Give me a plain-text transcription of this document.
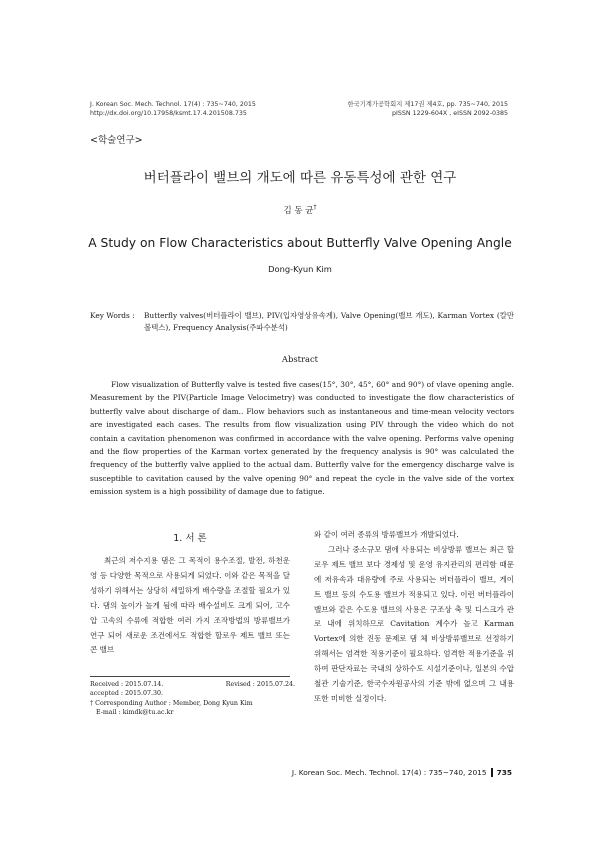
J. Korean Soc. Mech. Technol. 17(4) : 735~740, 2015
http://dx.doi.org/10.17958/ksmt.17.4.201508.735
한국기계가공학회지 제17권 제4호, pp. 735~740, 2015
pISSN 1229-604X , eISSN 2092-0385
<학술연구>
버터플라이 밸브의 개도에 따른 유동특성에 관한 연구
김 동 균†
A Study on Flow Characteristics about Butterfly Valve Opening Angle
Dong-Kyun Kim
Key Words :	Butterfly valves(버터플라이 밸브), PIV(입자영상유속계), Valve Opening(밸브 개도), Karman Vortex (칼만볼텍스), Frequency Analysis(주파수분석)
Abstract
Flow visualization of Butterfly valve is tested five cases(15°, 30°, 45°, 60° and 90°) of vlave opening angle. Measurement by the PIV(Particle Image Velocimetry) was conducted to investigate the flow characteristics of butterfly valve about discharge of dam.. Flow behaviors such as instantaneous and time-mean velocity vectors are investigated each cases. The results from flow visualization using PIV through the video which do not contain a cavitation phenomenon was confirmed in accordance with the valve opening. Performs valve opening and the flow properties of the Karman vortex generated by the frequency analysis is 90° was calculated the frequency of the butterfly valve applied to the actual dam. Butterfly valve for the emergency discharge valve is susceptible to cavitation caused by the valve opening 90° and repeat the cycle in the valve side of the vortex emission system is a high possibility of damage due to fatigue.
1. 서 론
최근의 저수지용 댐은 그 목적이 용수조절, 발전, 하천운영 등 다양한 목적으로 사용되게 되었다. 이와 같은 목적을 달성하기 위해서는 상당히 세밀하게 배수량을 조절할 필요가 있다. 댐의 높이가 높게 됨에 따라 배수설비도 크게 되어, 고수압 고속의 수류에 적합한 여러 가지 조작방법의 방류밸브가 연구 되어 새로운 조건에서도 적합한 할로우 제트 밸브 또는 콘 밸브

와 같이 여러 종류의 방류밸브가 개발되었다.

그러나 중소규모 댐에 사용되는 비상방류 밸브는 최근 할로우 제트 밸브 보다 경제성 및 운영 유지관리의 편리함 때문에 저유속과 대유량에 주로 사용되는 버터플라이 밸브, 게이트 밸브 등의 수도용 밸브가 적용되고 있다. 이런 버터플라이 밸브와 같은 수도용 밸브의 사용은 구조상 축 및 디스크가 관로 내에 위치하므로 Cavitation 계수가 높고 Karman Vortex에 의한 진동 문제로 댐 체 비상방류밸브로 선정하기 위해서는 엄격한 적용기준이 필요하다. 엄격한 적용기준을 위하여 판단자료는 국내의 상하수도 시설기준이나, 일본의 수압철관 기술기준, 한국수자원공사의 기준 밖에 없으며 그 내용 또한 미비한 실정이다.

Received : 2015.07.14.	Revised : 2015.07.24.
accepted : 2015.07.30.
† Corresponding Author : Member, Dong Kyun Kim
E-mail : kimdk@tu.ac.kr
J. Korean Soc. Mech. Technol. 17(4) : 735~740, 2015 735
